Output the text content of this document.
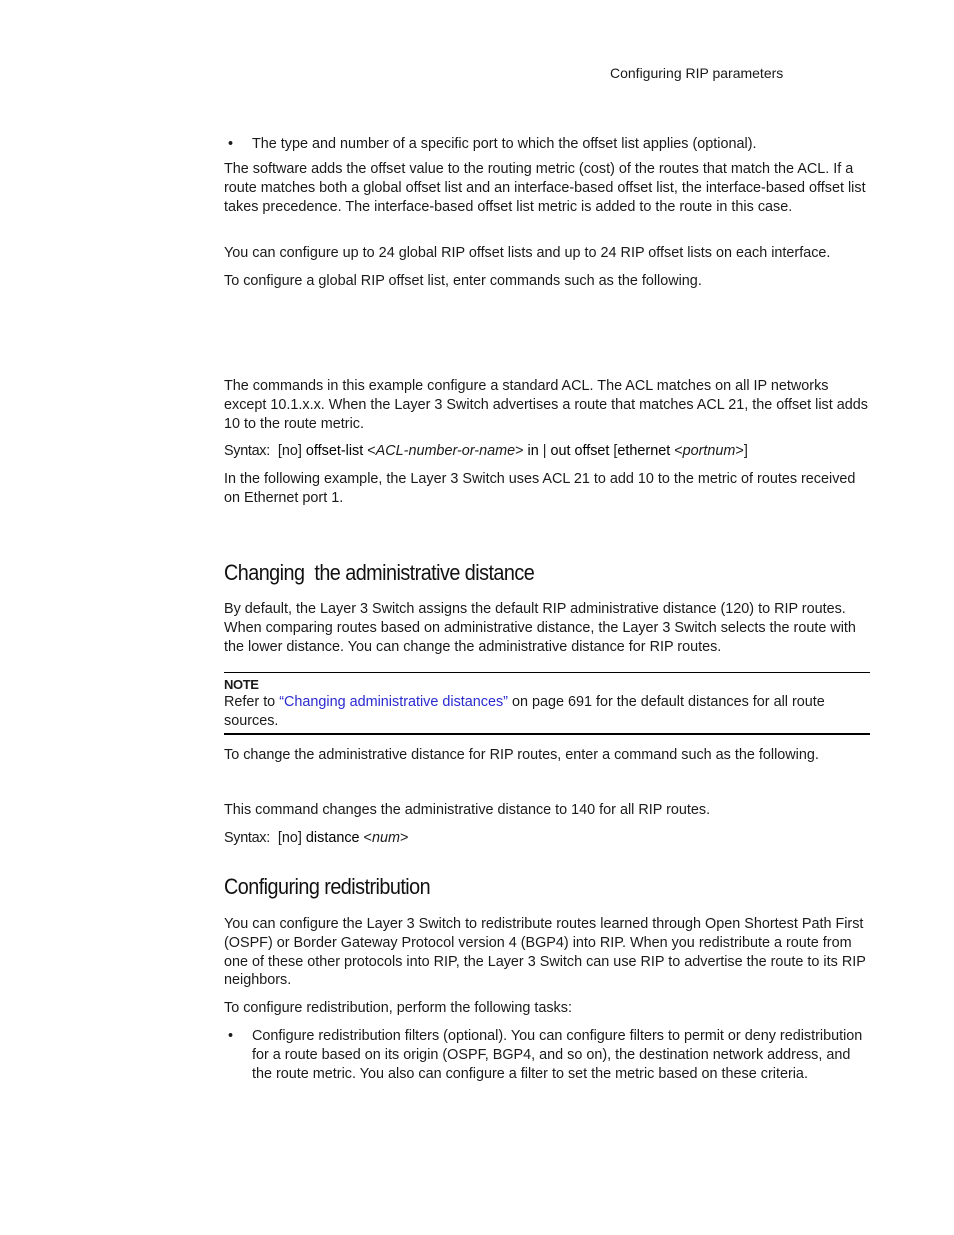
Configuring RIP parameters
• The type and number of a specific port to which the offset list applies (optional).

The software adds the offset value to the routing metric (cost) of the routes that match the ACL. If a route matches both a global offset list and an interface-based offset list, the interface-based offset list takes precedence. The interface-based offset list metric is added to the route in this case.

You can configure up to 24 global RIP offset lists and up to 24 RIP offset lists on each interface.

To configure a global RIP offset list, enter commands such as the following.

The commands in this example configure a standard ACL. The ACL matches on all IP networks except 10.1.x.x. When the Layer 3 Switch advertises a route that matches ACL 21, the offset list adds 10 to the route metric.

Syntax: [no] offset-list <ACL-number-or-name> in | out offset [ethernet <portnum>]

In the following example, the Layer 3 Switch uses ACL 21 to add 10 to the metric of routes received on Ethernet port 1.

Changing  the administrative distance

By default, the Layer 3 Switch assigns the default RIP administrative distance (120) to RIP routes. When comparing routes based on administrative distance, the Layer 3 Switch selects the route with the lower distance. You can change the administrative distance for RIP routes.

NOTE
Refer to “Changing administrative distances” on page 691 for the default distances for all route sources.

To change the administrative distance for RIP routes, enter a command such as the following.

This command changes the administrative distance to 140 for all RIP routes.

Syntax: [no] distance <num>
Configuring redistribution

You can configure the Layer 3 Switch to redistribute routes learned through Open Shortest Path First (OSPF) or Border Gateway Protocol version 4 (BGP4) into RIP. When you redistribute a route from one of these other protocols into RIP, the Layer 3 Switch can use RIP to advertise the route to its RIP neighbors.

To configure redistribution, perform the following tasks:

• Configure redistribution filters (optional). You can configure filters to permit or deny redistribution for a route based on its origin (OSPF, BGP4, and so on), the destination network address, and the route metric. You also can configure a filter to set the metric based on these criteria.
